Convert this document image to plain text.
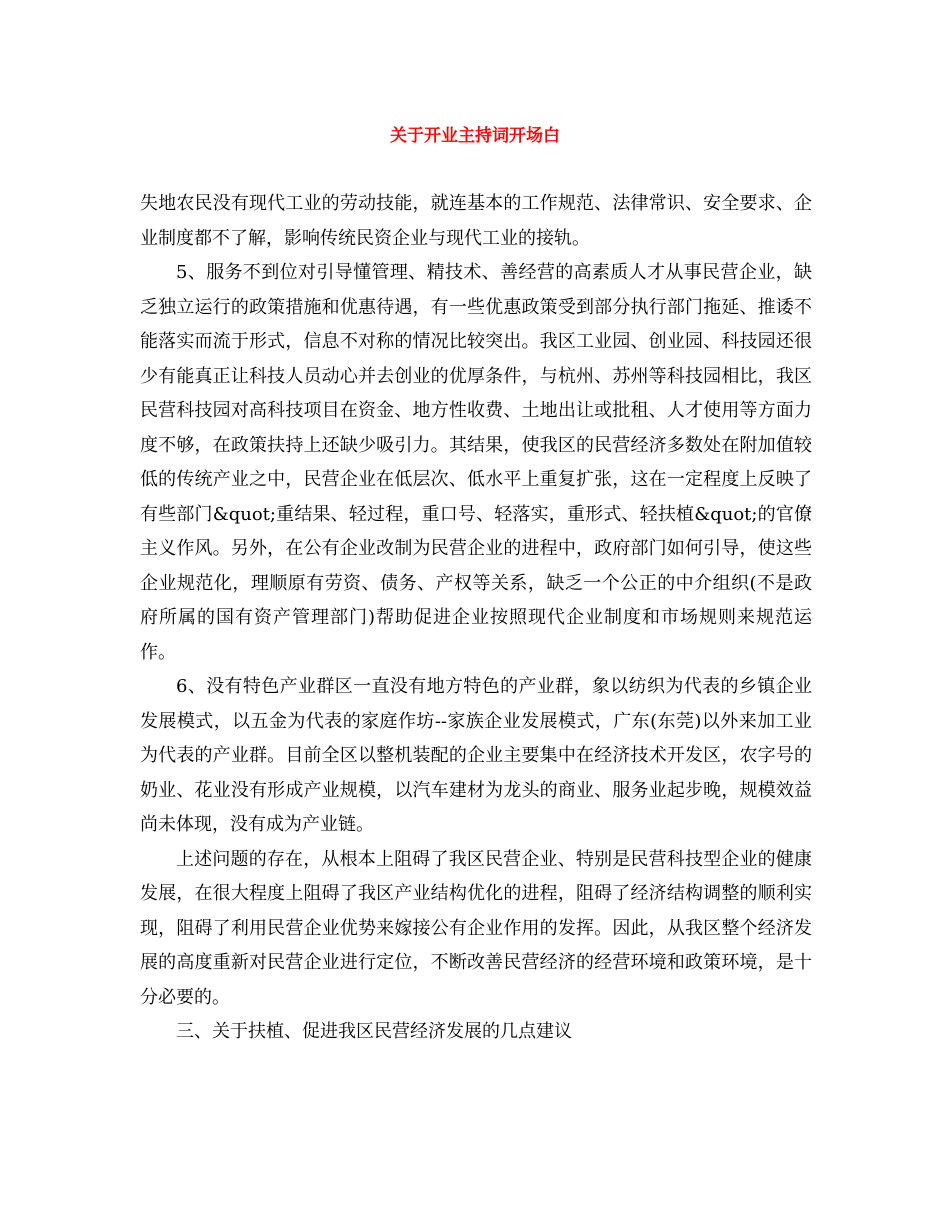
关于开业主持词开场白

失地农民没有现代工业的劳动技能，就连基本的工作规范、法律常识、安全要求、企业制度都不了解，影响传统民资企业与现代工业的接轨。

5、服务不到位对引导懂管理、精技术、善经营的高素质人才从事民营企业，缺乏独立运行的政策措施和优惠待遇，有一些优惠政策受到部分执行部门拖延、推诿不能落实而流于形式，信息不对称的情况比较突出。我区工业园、创业园、科技园还很少有能真正让科技人员动心并去创业的优厚条件，与杭州、苏州等科技园相比，我区民营科技园对高科技项目在资金、地方性收费、土地出让或批租、人才使用等方面力度不够，在政策扶持上还缺少吸引力。其结果，使我区的民营经济多数处在附加值较低的传统产业之中，民营企业在低层次、低水平上重复扩张，这在一定程度上反映了有些部门&quot;重结果、轻过程，重口号、轻落实，重形式、轻扶植&quot;的官僚主义作风。另外，在公有企业改制为民营企业的进程中，政府部门如何引导，使这些企业规范化，理顺原有劳资、债务、产权等关系，缺乏一个公正的中介组织(不是政府所属的国有资产管理部门)帮助促进企业按照现代企业制度和市场规则来规范运作。

6、没有特色产业群区一直没有地方特色的产业群，象以纺织为代表的乡镇企业发展模式，以五金为代表的家庭作坊--家族企业发展模式，广东(东莞)以外来加工业为代表的产业群。目前全区以整机装配的企业主要集中在经济技术开发区，农字号的奶业、花业没有形成产业规模，以汽车建材为龙头的商业、服务业起步晚，规模效益尚未体现，没有成为产业链。

上述问题的存在，从根本上阻碍了我区民营企业、特别是民营科技型企业的健康发展，在很大程度上阻碍了我区产业结构优化的进程，阻碍了经济结构调整的顺利实现，阻碍了利用民营企业优势来嫁接公有企业作用的发挥。因此，从我区整个经济发展的高度重新对民营企业进行定位，不断改善民营经济的经营环境和政策环境，是十分必要的。

三、关于扶植、促进我区民营经济发展的几点建议
